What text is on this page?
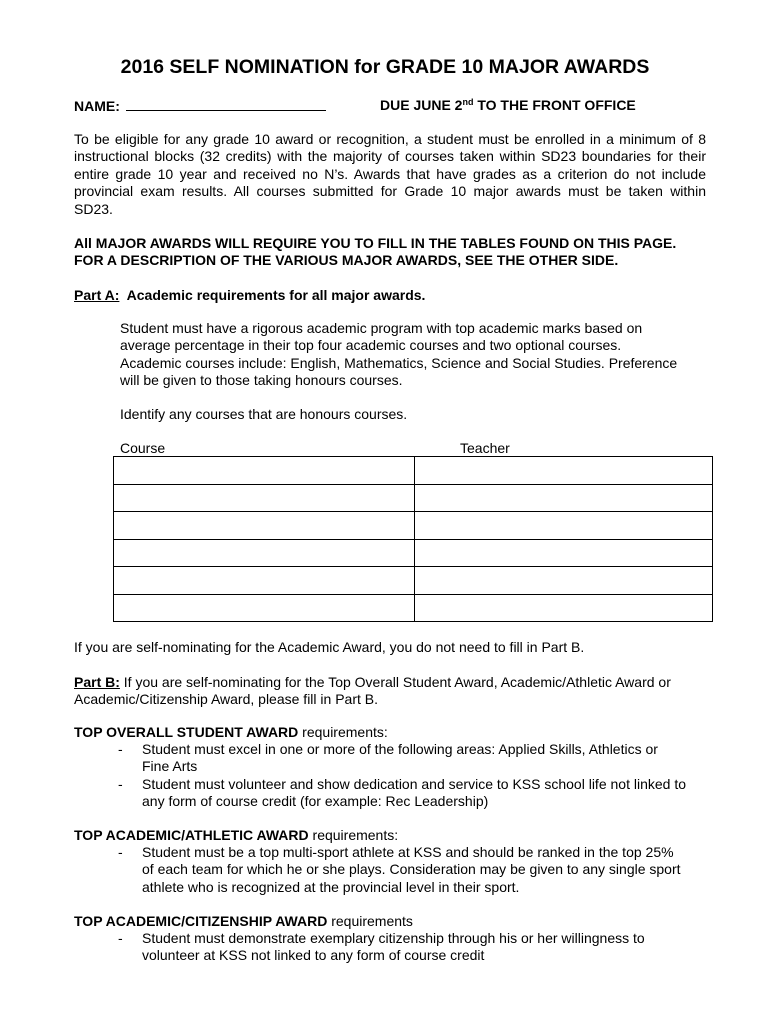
2016 SELF NOMINATION for GRADE 10 MAJOR AWARDS
NAME:	DUE JUNE 2nd TO THE FRONT OFFICE
To be eligible for any grade 10 award or recognition, a student must be enrolled in a minimum of 8
instructional blocks (32 credits) with the majority of courses taken within SD23 boundaries for their
entire grade 10 year and received no N’s. Awards that have grades as a criterion do not include
provincial exam results. All courses submitted for Grade 10 major awards must be taken within
SD23.
All MAJOR AWARDS WILL REQUIRE YOU TO FILL IN THE TABLES FOUND ON THIS PAGE.
FOR A DESCRIPTION OF THE VARIOUS MAJOR AWARDS, SEE THE OTHER SIDE.
Part A: Academic requirements for all major awards.
Student must have a rigorous academic program with top academic marks based on
average percentage in their top four academic courses and two optional courses.
Academic courses include: English, Mathematics, Science and Social Studies. Preference
will be given to those taking honours courses.
Identify any courses that are honours courses.
Course	Teacher

If you are self-nominating for the Academic Award, you do not need to fill in Part B.
Part B: If you are self-nominating for the Top Overall Student Award, Academic/Athletic Award or
Academic/Citizenship Award, please fill in Part B.
TOP OVERALL STUDENT AWARD requirements:
-	Student must excel in one or more of the following areas: Applied Skills, Athletics or
Fine Arts
-	Student must volunteer and show dedication and service to KSS school life not linked to
any form of course credit (for example: Rec Leadership)
TOP ACADEMIC/ATHLETIC AWARD requirements:
-	Student must be a top multi-sport athlete at KSS and should be ranked in the top 25%
of each team for which he or she plays. Consideration may be given to any single sport
athlete who is recognized at the provincial level in their sport.
TOP ACADEMIC/CITIZENSHIP AWARD requirements
-	Student must demonstrate exemplary citizenship through his or her willingness to
volunteer at KSS not linked to any form of course credit
